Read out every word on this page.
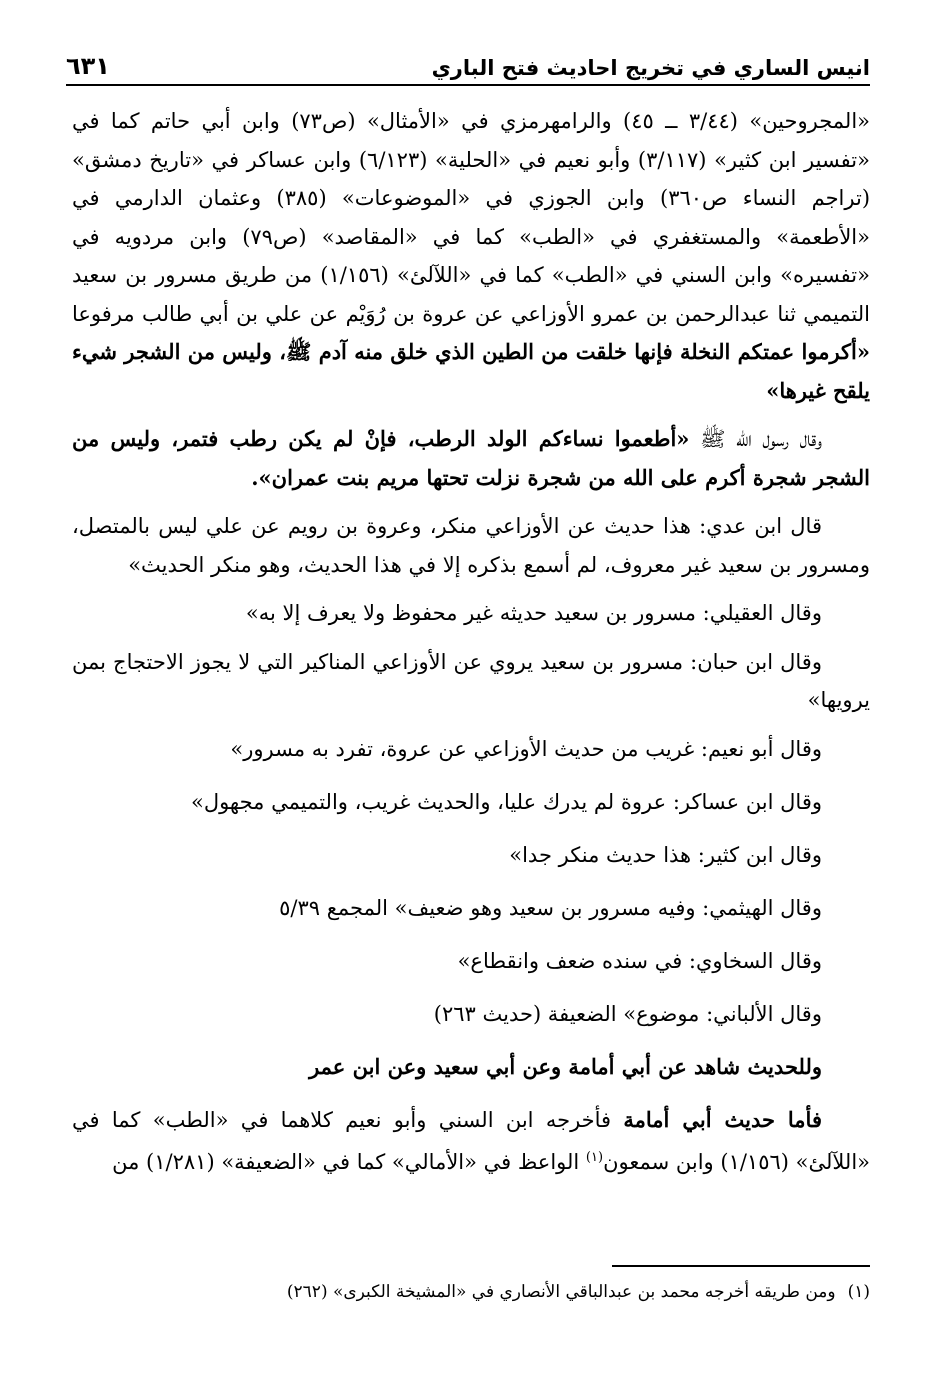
انيس الساري في تخريج احاديث فتح الباري
٦٣١

«المجروحين» (٣/٤٤ ــ ٤٥) والرامهرمزي في «الأمثال» (ص٧٣) وابن أبي حاتم كما في «تفسير ابن كثير» (٣/١١٧) وأبو نعيم في «الحلية» (٦/١٢٣) وابن عساكر في «تاريخ دمشق» (تراجم النساء ص٣٦٠) وابن الجوزي في «الموضوعات» (٣٨٥) وعثمان الدارمي في «الأطعمة» والمستغفري في «الطب» كما في «المقاصد» (ص٧٩) وابن مردويه في «تفسيره» وابن السني في «الطب» كما في «اللآلئ» (١/١٥٦) من طريق مسرور بن سعيد التميمي ثنا عبدالرحمن بن عمرو الأوزاعي عن عروة بن رُوَيْم عن علي بن أبي طالب مرفوعا «أكرموا عمتكم النخلة فإنها خلقت من الطين الذي خلق منه آدم ﷺ، وليس من الشجر شيء يلقح غيرها»

وقال رسول الله ﷺ «أطعموا نساءكم الولد الرطب، فإنْ لم يكن رطب فتمر، وليس من الشجر شجرة أكرم على الله من شجرة نزلت تحتها مريم بنت عمران».

قال ابن عدي: هذا حديث عن الأوزاعي منكر، وعروة بن رويم عن علي ليس بالمتصل، ومسرور بن سعيد غير معروف، لم أسمع بذكره إلا في هذا الحديث، وهو منكر الحديث»

وقال العقيلي: مسرور بن سعيد حديثه غير محفوظ ولا يعرف إلا به»

وقال ابن حبان: مسرور بن سعيد يروي عن الأوزاعي المناكير التي لا يجوز الاحتجاج بمن يرويها»

وقال أبو نعيم: غريب من حديث الأوزاعي عن عروة، تفرد به مسرور»

وقال ابن عساكر: عروة لم يدرك عليا، والحديث غريب، والتميمي مجهول»

وقال ابن كثير: هذا حديث منكر جدا»

وقال الهيثمي: وفيه مسرور بن سعيد وهو ضعيف» المجمع ٥/٣٩

وقال السخاوي: في سنده ضعف وانقطاع»

وقال الألباني: موضوع» الضعيفة (حديث ٢٦٣)

وللحديث شاهد عن أبي أمامة وعن أبي سعيد وعن ابن عمر

فأما حديث أبي أمامة فأخرجه ابن السني وأبو نعيم كلاهما في «الطب» كما في «اللآلئ» (١/١٥٦) وابن سمعون$^{(١)}$ الواعظ في «الأمالي» كما في «الضعيفة» (١/٢٨١) من

(١)ومن طريقه أخرجه محمد بن عبدالباقي الأنصاري في «المشيخة الكبرى» (٢٦٢)
